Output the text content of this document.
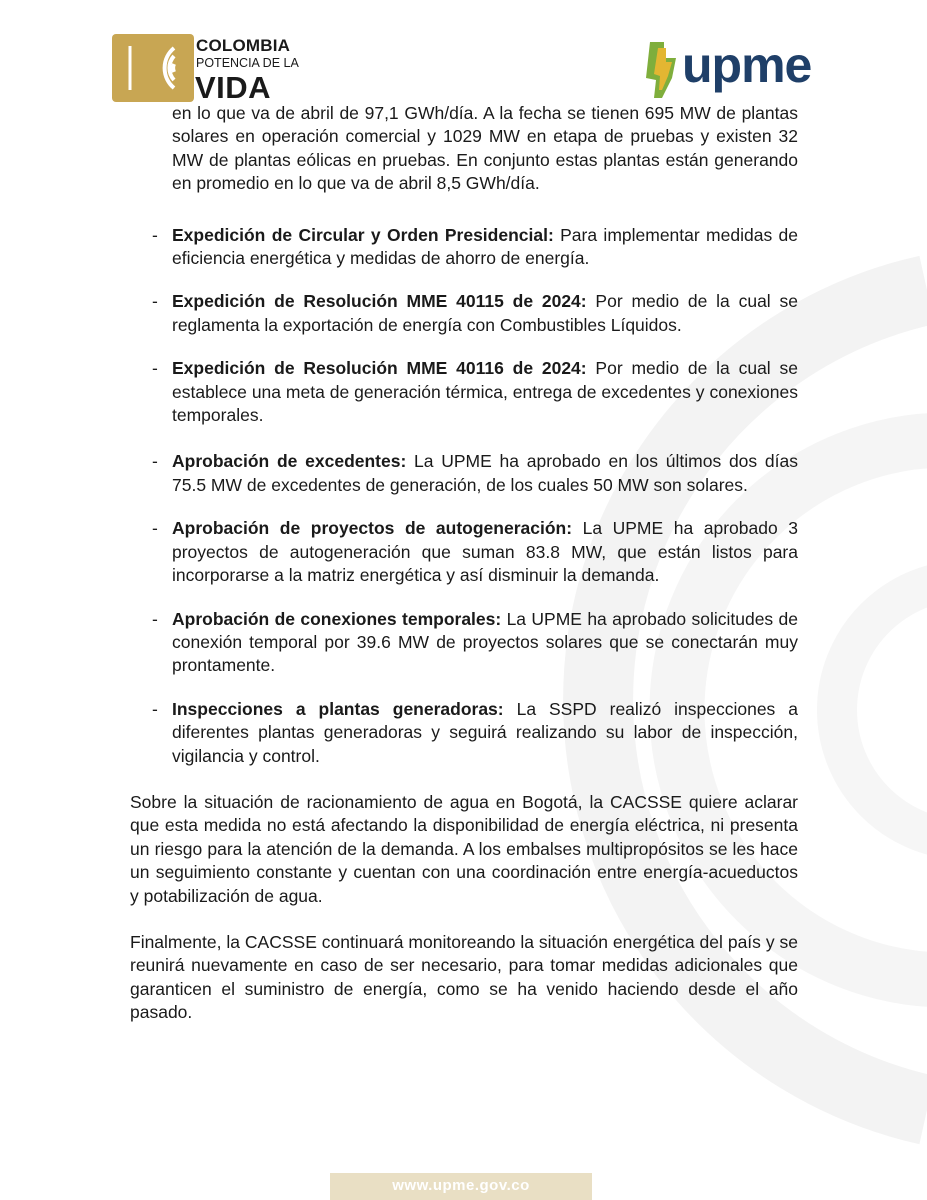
COLOMBIA
POTENCIA DE LA
VIDA	upme

en lo que va de abril de 97,1 GWh/día. A la fecha se tienen 695 MW de plantas solares en operación comercial y 1029 MW en etapa de pruebas y existen 32 MW de plantas eólicas en pruebas. En conjunto estas plantas están generando en promedio en lo que va de abril 8,5 GWh/día.

- Expedición de Circular y Orden Presidencial: Para implementar medidas de eficiencia energética y medidas de ahorro de energía.
- Expedición de Resolución MME 40115 de 2024: Por medio de la cual se reglamenta la exportación de energía con Combustibles Líquidos.
- Expedición de Resolución MME 40116 de 2024: Por medio de la cual se establece una meta de generación térmica, entrega de excedentes y conexiones temporales.
- Aprobación de excedentes: La UPME ha aprobado en los últimos dos días 75.5 MW de excedentes de generación, de los cuales 50 MW son solares.
- Aprobación de proyectos de autogeneración: La UPME ha aprobado 3 proyectos de autogeneración que suman 83.8 MW, que están listos para incorporarse a la matriz energética y así disminuir la demanda.
- Aprobación de conexiones temporales: La UPME ha aprobado solicitudes de conexión temporal por 39.6 MW de proyectos solares que se conectarán muy prontamente.
- Inspecciones a plantas generadoras: La SSPD realizó inspecciones a diferentes plantas generadoras y seguirá realizando su labor de inspección, vigilancia y control.

Sobre la situación de racionamiento de agua en Bogotá, la CACSSE quiere aclarar que esta medida no está afectando la disponibilidad de energía eléctrica, ni presenta un riesgo para la atención de la demanda. A los embalses multipropósitos se les hace un seguimiento constante y cuentan con una coordinación entre energía-acueductos y potabilización de agua.

Finalmente, la CACSSE continuará monitoreando la situación energética del país y se reunirá nuevamente en caso de ser necesario, para tomar medidas adicionales que garanticen el suministro de energía, como se ha venido haciendo desde el año pasado.

www.upme.gov.co
